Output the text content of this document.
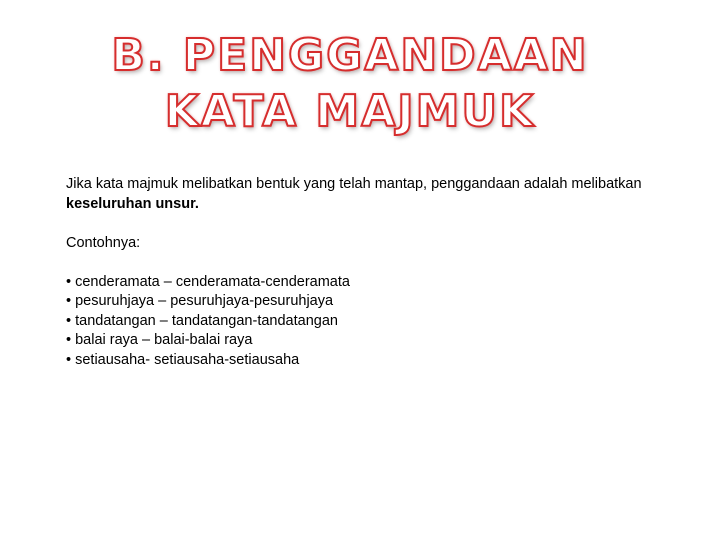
B. PENGGANDAAN
KATA MAJMUK

Jika kata majmuk melibatkan bentuk yang telah mantap, penggandaan adalah melibatkan keseluruhan unsur.

Contohnya:

• cenderamata – cenderamata-cenderamata
• pesuruhjaya – pesuruhjaya-pesuruhjaya
• tandatangan – tandatangan-tandatangan
• balai raya – balai-balai raya
• setiausaha- setiausaha-setiausaha
